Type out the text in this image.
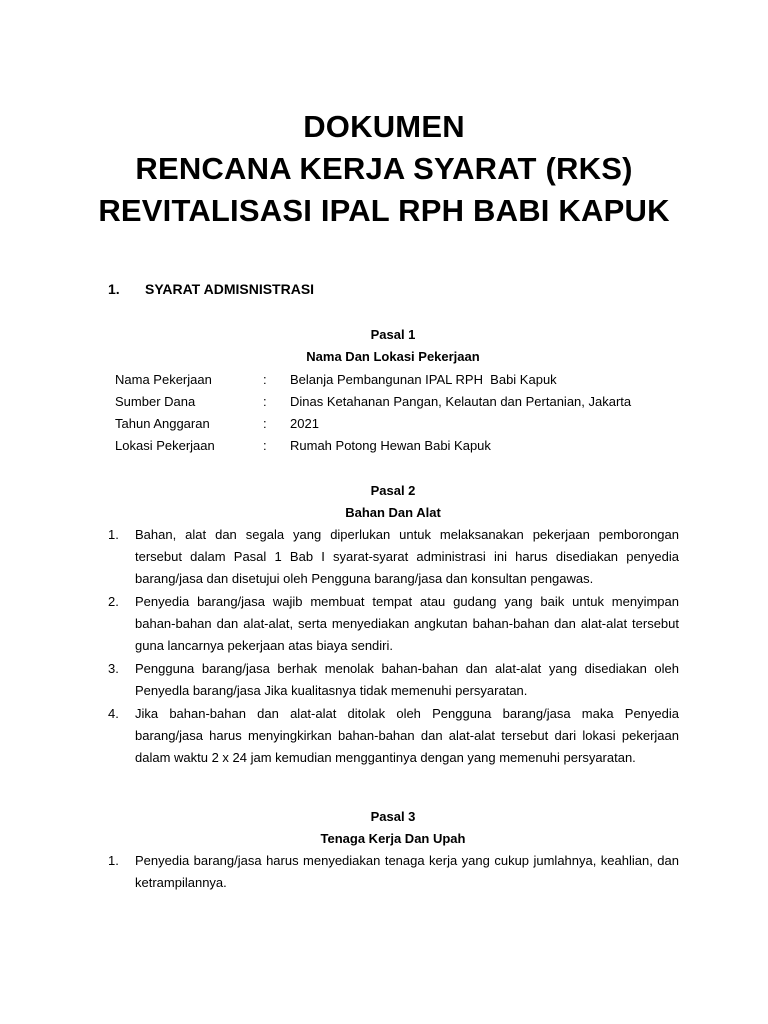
DOKUMEN
RENCANA KERJA SYARAT (RKS)
REVITALISASI IPAL RPH BABI KAPUK
1. SYARAT ADMISNISTRASI
Pasal 1
Nama Dan Lokasi Pekerjaan
Nama Pekerjaan	:	Belanja Pembangunan IPAL RPH  Babi Kapuk
Sumber Dana	:	Dinas Ketahanan Pangan, Kelautan dan Pertanian, Jakarta
Tahun Anggaran	:	2021
Lokasi Pekerjaan	:	Rumah Potong Hewan Babi Kapuk
Pasal 2
Bahan Dan Alat
1.	Bahan, alat dan segala yang diperlukan untuk melaksanakan pekerjaan pemborongan tersebut dalam Pasal 1 Bab I syarat-syarat administrasi ini harus disediakan penyedia barang/jasa dan disetujui oleh Pengguna barang/jasa dan konsultan pengawas.
2.	Penyedia barang/jasa wajib membuat tempat atau gudang yang baik untuk menyimpan bahan-bahan dan alat-alat, serta menyediakan angkutan bahan-bahan dan alat-alat tersebut guna lancarnya pekerjaan atas biaya sendiri.
3.	Pengguna barang/jasa berhak menolak bahan-bahan dan alat-alat yang disediakan oleh Penyedla barang/jasa Jika kualitasnya tidak memenuhi persyaratan.
4.	Jika bahan-bahan dan alat-alat ditolak oleh Pengguna barang/jasa maka Penyedia barang/jasa harus menyingkirkan bahan-bahan dan alat-alat tersebut dari lokasi pekerjaan dalam waktu 2 x 24 jam kemudian menggantinya dengan yang memenuhi persyaratan.
Pasal 3
Tenaga Kerja Dan Upah
1.	Penyedia barang/jasa harus menyediakan tenaga kerja yang cukup jumlahnya, keahlian, dan ketrampilannya.
